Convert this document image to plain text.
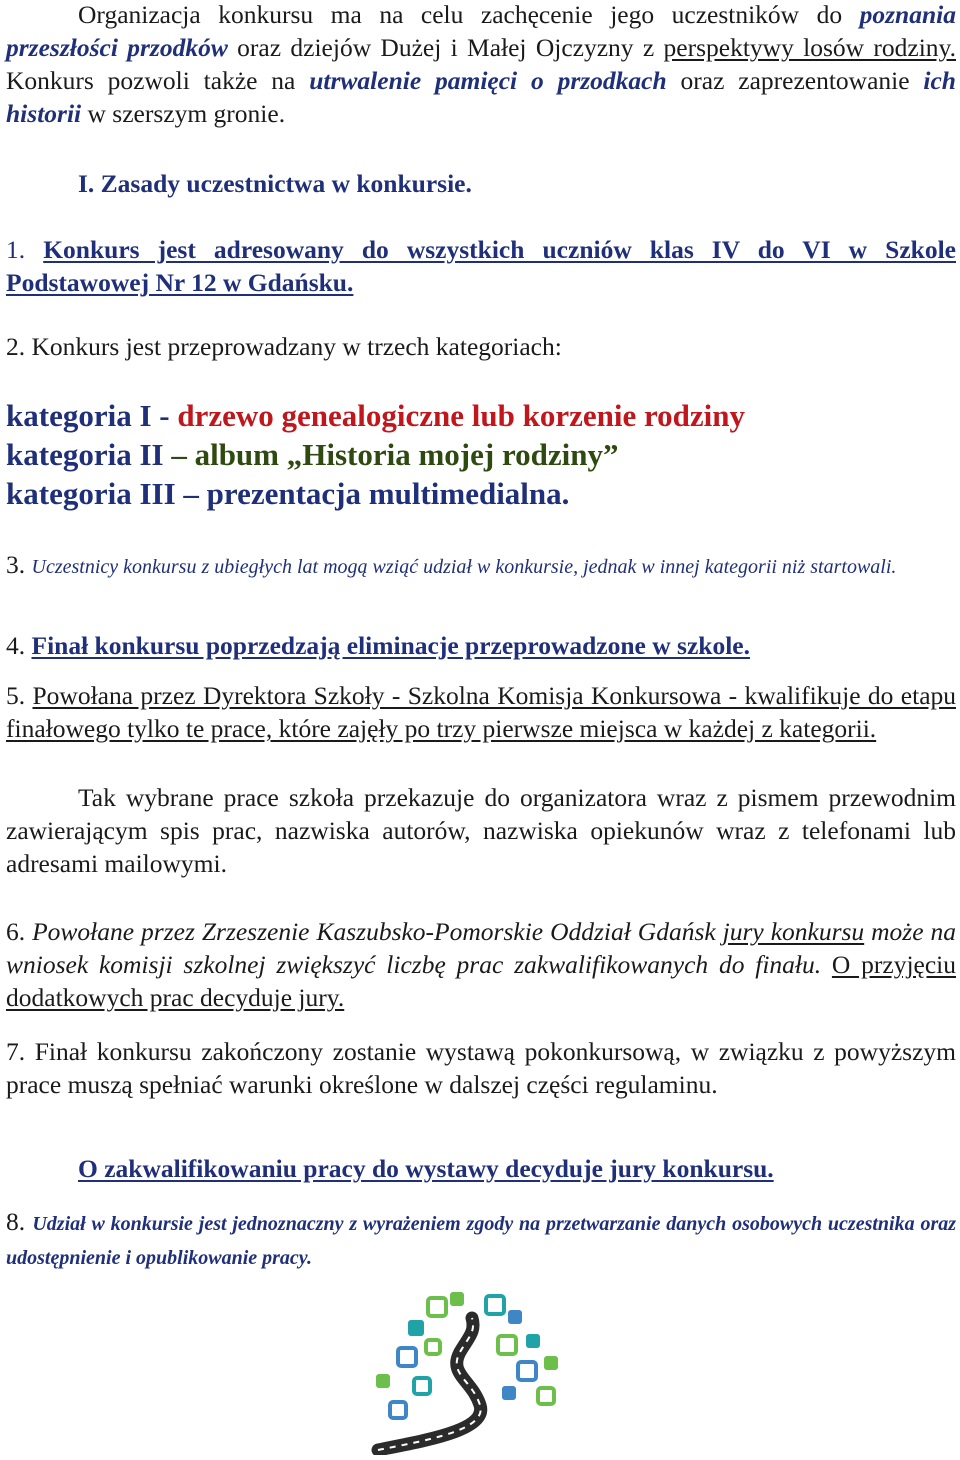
Organizacja konkursu ma na celu zachęcenie jego uczestników do poznania przeszłości przodków oraz dziejów Dużej i Małej Ojczyzny z perspektywy losów rodziny. Konkurs pozwoli także na utrwalenie pamięci o przodkach oraz zaprezentowanie ich historii w szerszym gronie.
I. Zasady uczestnictwa w konkursie.
1. Konkurs jest adresowany do wszystkich uczniów klas IV do VI w Szkole Podstawowej Nr 12 w Gdańsku.
2. Konkurs jest przeprowadzany w trzech kategoriach:
kategoria I - drzewo genealogiczne lub korzenie rodziny
kategoria II – album „Historia mojej rodziny”
kategoria III – prezentacja multimedialna.
3. Uczestnicy konkursu z ubiegłych lat mogą wziąć udział w konkursie, jednak w innej kategorii niż startowali.
4. Finał konkursu poprzedzają eliminacje przeprowadzone w szkole.
5. Powołana przez Dyrektora Szkoły - Szkolna Komisja Konkursowa - kwalifikuje do etapu finałowego tylko te prace, które zajęły po trzy pierwsze miejsca w każdej z kategorii.
Tak wybrane prace szkoła przekazuje do organizatora wraz z pismem przewodnim zawierającym spis prac, nazwiska autorów, nazwiska opiekunów wraz z telefonami lub adresami mailowymi.
6. Powołane przez Zrzeszenie Kaszubsko-Pomorskie Oddział Gdańsk jury konkursu może na wniosek komisji szkolnej zwiększyć liczbę prac zakwalifikowanych do finału. O przyjęciu dodatkowych prac decyduje jury.
7. Finał konkursu zakończony zostanie wystawą pokonkursową, w związku z powyższym prace muszą spełniać warunki określone w dalszej części regulaminu.
O zakwalifikowaniu pracy do wystawy decyduje jury konkursu.
8. Udział w konkursie jest jednoznaczny z wyrażeniem zgody na przetwarzanie danych osobowych uczestnika oraz udostępnienie i opublikowanie pracy.
